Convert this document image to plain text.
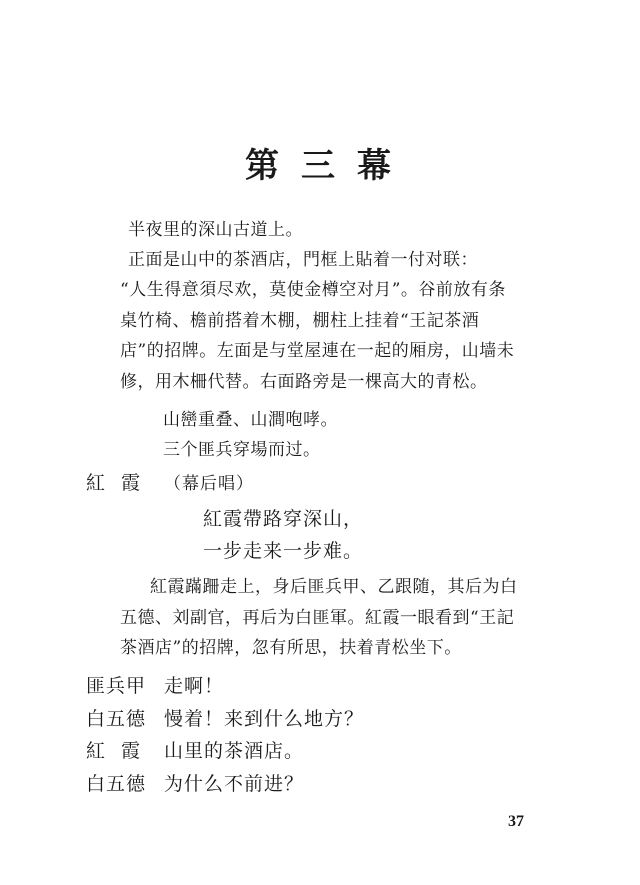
第三幕
半夜里的深山古道上。
正面是山中的茶酒店，門框上貼着一付对联：
“人生得意須尽欢，莫使金樽空对月”。谷前放有条桌竹椅、檐前搭着木棚，棚柱上挂着“王記茶酒店”的招牌。左面是与堂屋連在一起的厢房，山墙未修，用木柵代替。右面路旁是一棵高大的青松。
山巒重叠、山澗咆哮。
三个匪兵穿場而过。
紅霞 （幕后唱）
紅霞帶路穿深山，
一步走来一步难。
紅霞蹣跚走上，身后匪兵甲、乙跟随，其后为白五德、刘副官，再后为白匪軍。紅霞一眼看到“王記茶酒店”的招牌，忽有所思，扶着青松坐下。
匪兵甲 走啊！
白五德 慢着！来到什么地方？
紅霞 山里的茶酒店。
白五德 为什么不前进？
37
